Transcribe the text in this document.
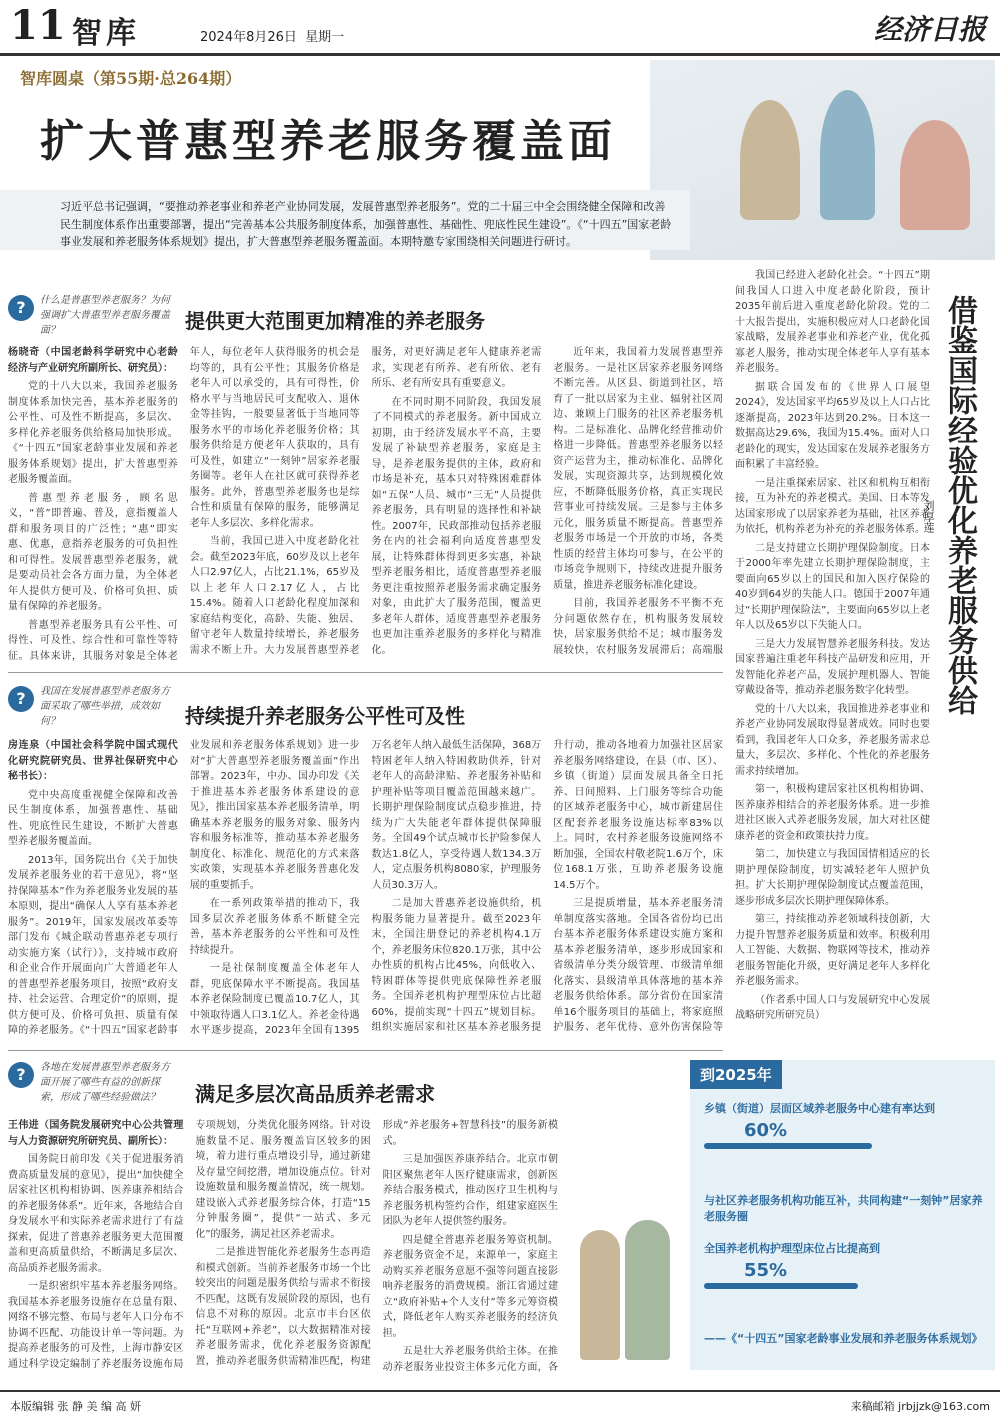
11 智库	2024年8月26日 星期一	经济日报
智库圆桌（第55期·总264期）
扩大普惠型养老服务覆盖面
习近平总书记强调，“要推动养老事业和养老产业协同发展，发展普惠型养老服务”。党的二十届三中全会围绕健全保障和改善民生制度体系作出重要部署，提出“完善基本公共服务制度体系，加强普惠性、基础性、兜底性民生建设”。《“十四五”国家老龄事业发展和养老服务体系规划》提出，扩大普惠型养老服务覆盖面。本期特邀专家围绕相关问题进行研讨。
?	什么是普惠型养老服务？为何强调扩大普惠型养老服务覆盖面？	提供更大范围更加精准的养老服务

杨晓奇（中国老龄科学研究中心老龄经济与产业研究所副所长、研究员）：

党的十八大以来，我国养老服务制度体系加快完善，基本养老服务的公平性、可及性不断提高，多层次、多样化养老服务供给格局加快形成。《“十四五”国家老龄事业发展和养老服务体系规划》提出，扩大普惠型养老服务覆盖面。

普惠型养老服务，顾名思义，“普”即普遍、普及，意指覆盖人群和服务项目的广泛性；“惠”即实惠、优惠，意指养老服务的可负担性和可得性。发展普惠型养老服务，就是要动员社会各方面力量，为全体老年人提供方便可及、价格可负担、质量有保障的养老服务。

普惠型养老服务具有公平性、可得性、可及性、综合性和可靠性等特征。具体来讲，其服务对象是全体老年人，每位老年人获得服务的机会是均等的，具有公平性；其服务价格是老年人可以承受的，具有可得性，价格水平与当地居民可支配收入、退休金等挂钩，一般要显著低于当地同等服务水平的市场化养老服务价格；其服务供给是方便老年人获取的，具有可及性，如建立“一刻钟”居家养老服务圈等。老年人在社区就可获得养老服务。此外，普惠型养老服务也是综合性和质量有保障的服务，能够满足老年人多层次、多样化需求。

当前，我国已进入中度老龄化社会。截至2023年底，60岁及以上老年人口2.97亿人，占比21.1%，65岁及以上老年人口2.17亿人，占比15.4%。随着人口老龄化程度加深和家庭结构变化，高龄、失能、独居、留守老年人数量持续增长，养老服务需求不断上升。大力发展普惠型养老服务，对更好满足老年人健康养老需求，实现老有所养、老有所依、老有所乐、老有所安具有重要意义。

在不同时期不同阶段，我国发展了不同模式的养老服务。新中国成立初期，由于经济发展水平不高，主要发展了补缺型养老服务，家庭是主导，是养老服务提供的主体，政府和市场是补充，基本只对特殊困难群体如“五保”人员、城市“三无”人员提供养老服务，具有明显的选择性和补缺性。2007年，民政部推动包括养老服务在内的社会福利向适度普惠型发展，让特殊群体得到更多实惠，补缺型养老服务相比，适度普惠型养老服务更注重按照养老服务需求确定服务对象，由此扩大了服务范围，覆盖更多老年人群体，适度普惠型养老服务也更加注重养老服务的多样化与精准化。

近年来，我国着力发展普惠型养老服务。一是社区居家养老服务网络不断完善。从区县、街道到社区，培育了一批以居家为主业、辐射社区周边、兼顾上门服务的社区养老服务机构。二是标准化、品牌化经营推动价格进一步降低。普惠型养老服务以轻资产运营为主，推动标准化、品牌化发展，实现资源共享，达到规模化效应，不断降低服务价格，真正实现民营事业可持续发展。三是参与主体多元化，服务质量不断提高。普惠型养老服务市场是一个开放的市场，各类性质的经营主体均可参与，在公平的市场竞争规则下，持续改进提升服务质量，推进养老服务标准化建设。

目前，我国养老服务不平衡不充分问题依然存在，机构服务发展较快，居家服务供给不足；城市服务发展较快，农村服务发展滞后；高端服

?	我国在发展普惠型养老服务方面采取了哪些举措，成效如何？	持续提升养老服务公平性可及性

房连泉（中国社会科学院中国式现代化研究院研究员、世界社保研究中心秘书长）：

党中央高度重视健全保障和改善民生制度体系，加强普惠性、基础性、兜底性民生建设，不断扩大普惠型养老服务覆盖面。

2013年，国务院出台《关于加快发展养老服务业的若干意见》，将“坚持保障基本”作为养老服务业发展的基本原则，提出“确保人人享有基本养老服务”。2019年，国家发展改革委等部门发布《城企联动普惠养老专项行动实施方案（试行）》，支持城市政府和企业合作开展面向广大普通老年人的普惠型养老服务项目，按照“政府支持、社会运营、合理定价”的原则，提供方便可及、价格可负担、质量有保障的养老服务。《“十四五”国家老龄事业发展和养老服务体系规划》进一步对“扩大普惠型养老服务覆盖面”作出部署。2023年，中办、国办印发《关于推进基本养老服务体系建设的意见》，推出国家基本养老服务清单，明确基本养老服务的服务对象、服务内容和服务标准等，推动基本养老服务制度化、标准化、规范化的方式来落实政策，实现基本养老服务普惠化发展的重要抓手。

在一系列政策举措的推动下，我国多层次养老服务体系不断健全完善，基本养老服务的公平性和可及性持续提升。

一是社保制度覆盖全体老年人群，兜底保障水平不断提高。我国基本养老保险制度已覆盖10.7亿人，其中领取待遇人口3.1亿人。养老金待遇水平逐步提高，2023年全国有1395万名老年人纳入最低生活保障，368万特困老年人纳入特困救助供养，针对老年人的高龄津贴、养老服务补贴和护理补贴等项目覆盖范围越来越广。长期护理保险制度试点稳步推进，持续为广大失能老年群体提供保障服务。全国49个试点城市长护险参保人数达1.8亿人，享受待遇人数134.3万人，定点服务机构8080家，护理服务人员30.3万人。

二是加大普惠养老设施供给，机构服务能力显著提升。截至2023年末，全国注册登记的养老机构4.1万个，养老服务床位820.1万张，其中公办性质的机构占比45%，向低收入、特困群体等提供兜底保障性养老服务。全国养老机构护理型床位占比超60%，提前实现“十四五”规划目标。组织实施居家和社区基本养老服务提升行动，推动各地着力加强社区居家养老服务网络建设，在县（市、区）、乡镇（街道）层面发展具备全日托养、日间照料、上门服务等综合功能的区域养老服务中心，城市新建居住区配套养老服务设施达标率83%以上。同时，农村养老服务设施网络不断加强，全国农村敬老院1.6万个，床位168.1万张，互助养老服务设施14.5万个。

三是提质增量，基本养老服务清单制度落实落地。全国各省份均已出台基本养老服务体系建设实施方案和基本养老服务清单，逐步形成国家和省级清单分类分级管理、市级清单细化落实、县级清单具体落地的基本养老服务供给体系。部分省份在国家清单16个服务项目的基础上，将家庭照护服务、老年优待、意外伤害保险等

?	各地在发展普惠型养老服务方面开展了哪些有益的创新探索，形成了哪些经验做法？	满足多层次高品质养老需求

王伟进（国务院发展研究中心公共管理与人力资源研究所研究员、副所长）：

国务院日前印发《关于促进服务消费高质量发展的意见》，提出“加快健全居家社区机构相协调、医养康养相结合的养老服务体系”。近年来，各地结合自身发展水平和实际养老需求进行了有益探索，促进了普惠养老服务更大范围覆盖和更高质量供给，不断满足多层次、高品质养老服务需求。

一是织密织牢基本养老服务网络。我国基本养老服务设施存在总量有限、网络不够完整、布局与老年人口分布不协调不匹配、功能设计单一等问题。为提高养老服务的可及性，上海市静安区通过科学设定编制了养老服务设施布局专项规划，分类优化服务网络。针对设施数量不足、服务覆盖盲区较多的困境，着力进行重点增设引导，通过新建及存量空间挖潜，增加设施点位。针对设施数量和服务覆盖情况，统一规划。建设嵌入式养老服务综合体，打造“15分钟服务圈”，提供“一站式、多元化”的服务，满足社区养老需求。

二是推进智能化养老服务生态再造和模式创新。当前养老服务市场一个比较突出的问题是服务供给与需求不衔接不匹配，这既有发展阶段的原因，也有信息不对称的原因。北京市丰台区依托“互联网+养老”，以大数据精准对接养老服务需求，优化养老服务资源配置，推动养老服务供需精准匹配，构建形成“养老服务+智慧科技”的服务新模式。

三是加强医养康养结合。北京市朝阳区聚焦老年人医疗健康需求，创新医养结合服务模式，推动医疗卫生机构与养老服务机构签约合作，组建家庭医生团队为老年人提供签约服务。

四是健全普惠养老服务筹资机制。养老服务资金不足，来源单一，家庭主动购买养老服务意愿不强等问题直接影响养老服务的消费规模。浙江省通过建立“政府补贴+个人支付”等多元筹资模式，降低老年人购买养老服务的经济负担。

五是壮大养老服务供给主体。在推动养老服务业投资主体多元化方面，各

借鉴国际经验优化养老服务供给
刘厚莲

我国已经进入老龄化社会。“十四五”期间我国人口进入中度老龄化阶段，预计2035年前后进入重度老龄化阶段。党的二十大报告提出，实施积极应对人口老龄化国家战略，发展养老事业和养老产业，优化孤寡老人服务，推动实现全体老年人享有基本养老服务。

据联合国发布的《世界人口展望2024》，发达国家平均65岁及以上人口占比逐渐提高，2023年达到20.2%。日本这一数据高达29.6%，我国为15.4%。面对人口老龄化的现实，发达国家在发展养老服务方面积累了丰富经验。

一是注重探索居家、社区和机构互相衔接，互为补充的养老模式。美国、日本等发达国家形成了以居家养老为基础，社区养老为依托，机构养老为补充的养老服务体系。

二是支持建立长期护理保险制度。日本于2000年率先建立长期护理保险制度，主要面向65岁以上的国民和加入医疗保险的40岁到64岁的失能人口。德国于2007年通过“长期护理保险法”，主要面向65岁以上老年人以及65岁以下失能人口。

三是大力发展智慧养老服务科技。发达国家普遍注重老年科技产品研发和应用，开发智能化养老产品，发展护理机器人、智能穿戴设备等，推动养老服务数字化转型。

党的十八大以来，我国推进养老事业和养老产业协同发展取得显著成效。同时也要看到，我国老年人口众多，养老服务需求总量大，多层次、多样化、个性化的养老服务需求持续增加。

第一，积极构建居家社区机构相协调、医养康养相结合的养老服务体系。进一步推进社区嵌入式养老服务发展，加大对社区健康养老的资金和政策扶持力度。

第二，加快建立与我国国情相适应的长期护理保险制度，切实减轻老年人照护负担。扩大长期护理保险制度试点覆盖范围，逐步形成多层次长期护理保障体系。

第三，持续推动养老领域科技创新，大力提升智慧养老服务质量和效率。积极利用人工智能、大数据、物联网等技术，推动养老服务智能化升级，更好满足老年人多样化养老服务需求。

（作者系中国人口与发展研究中心发展战略研究所研究员）

到2025年
乡镇（街道）层面区域养老服务中心建有率达到
60%
与社区养老服务机构功能互补，共同构建“一刻钟”居家养老服务圈
全国养老机构护理型床位占比提高到
55%
——《“十四五”国家老龄事业发展和养老服务体系规划》
本版编辑 张 静 美 编 高 妍	来稿邮箱 jrbjjzk@163.com
